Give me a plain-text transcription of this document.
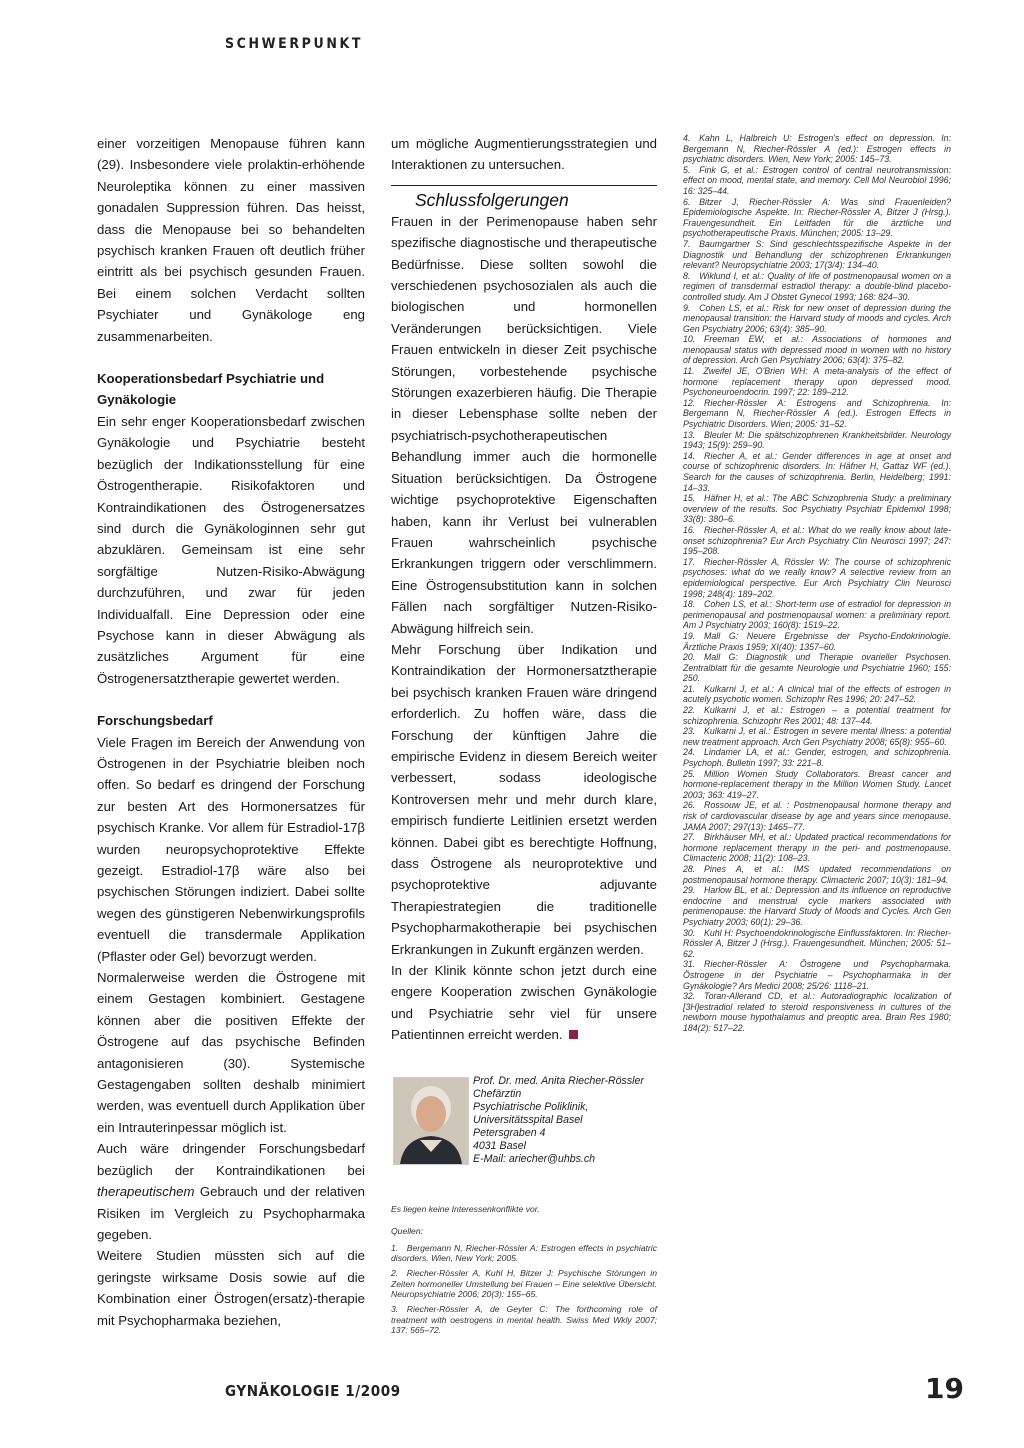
SCHWERPUNKT

einer vorzeitigen Menopause führen kann (29). Insbesondere viele prolaktin-erhöhende Neuroleptika können zu einer massiven gonadalen Suppression führen. Das heisst, dass die Menopause bei so behandelten psychisch kranken Frauen oft deutlich früher eintritt als bei psychisch gesunden Frauen. Bei einem solchen Verdacht sollten Psychiater und Gynäkologe eng zusammenarbeiten.

Kooperationsbedarf Psychiatrie und Gynäkologie

Ein sehr enger Kooperationsbedarf zwischen Gynäkologie und Psychiatrie besteht bezüglich der Indikationsstellung für eine Östrogentherapie. Risikofaktoren und Kontraindikationen des Östrogenersatzes sind durch die Gynäkologinnen sehr gut abzuklären. Gemeinsam ist eine sehr sorgfältige Nutzen-Risiko-Abwägung durchzuführen, und zwar für jeden Individualfall. Eine Depression oder eine Psychose kann in dieser Abwägung als zusätzliches Argument für eine Östrogenersatztherapie gewertet werden.

Forschungsbedarf

Viele Fragen im Bereich der Anwendung von Östrogenen in der Psychiatrie bleiben noch offen. So bedarf es dringend der Forschung zur besten Art des Hormonersatzes für psychisch Kranke. Vor allem für Estradiol-17β wurden neuropsychoprotektive Effekte gezeigt. Estradiol-17β wäre also bei psychischen Störungen indiziert. Dabei sollte wegen des günstigeren Nebenwirkungsprofils eventuell die transdermale Applikation (Pflaster oder Gel) bevorzugt werden.

Normalerweise werden die Östrogene mit einem Gestagen kombiniert. Gestagene können aber die positiven Effekte der Östrogene auf das psychische Befinden antagonisieren (30). Systemische Gestagengaben sollten deshalb minimiert werden, was eventuell durch Applikation über ein Intrauterinpessar möglich ist.

Auch wäre dringender Forschungsbedarf bezüglich der Kontraindikationen bei therapeutischem Gebrauch und der relativen Risiken im Vergleich zu Psychopharmaka gegeben.

Weitere Studien müssten sich auf die geringste wirksame Dosis sowie auf die Kombination einer Östrogen(ersatz)-therapie mit Psychopharmaka beziehen,

um mögliche Augmentierungsstrategien und Interaktionen zu untersuchen.

Schlussfolgerungen

Frauen in der Perimenopause haben sehr spezifische diagnostische und therapeutische Bedürfnisse. Diese sollten sowohl die verschiedenen psychosozialen als auch die biologischen und hormonellen Veränderungen berücksichtigen. Viele Frauen entwickeln in dieser Zeit psychische Störungen, vorbestehende psychische Störungen exazerbieren häufig. Die Therapie in dieser Lebensphase sollte neben der psychiatrisch-psychotherapeutischen Behandlung immer auch die hormonelle Situation berücksichtigen. Da Östrogene wichtige psychoprotektive Eigenschaften haben, kann ihr Verlust bei vulnerablen Frauen wahrscheinlich psychische Erkrankungen triggern oder verschlimmern. Eine Östrogensubstitution kann in solchen Fällen nach sorgfältiger Nutzen-Risiko-Abwägung hilfreich sein.

Mehr Forschung über Indikation und Kontraindikation der Hormonersatztherapie bei psychisch kranken Frauen wäre dringend erforderlich. Zu hoffen wäre, dass die Forschung der künftigen Jahre die empirische Evidenz in diesem Bereich weiter verbessert, sodass ideologische Kontroversen mehr und mehr durch klare, empirisch fundierte Leitlinien ersetzt werden können. Dabei gibt es berechtigte Hoffnung, dass Östrogene als neuroprotektive und psychoprotektive adjuvante Therapiestrategien die traditionelle Psychopharmakotherapie bei psychischen Erkrankungen in Zukunft ergänzen werden.

In der Klinik könnte schon jetzt durch eine engere Kooperation zwischen Gynäkologie und Psychiatrie sehr viel für unsere Patientinnen erreicht werden.

Prof. Dr. med. Anita Riecher-Rössler
Chefärztin
Psychiatrische Poliklinik,
Universitätsspital Basel
Petersgraben 4
4031 Basel
E-Mail: ariecher@uhbs.ch
Es liegen keine Interessenkonflikte vor.

Quellen:

1. Bergemann N, Riecher-Rössler A: Estrogen effects in psychiatric disorders. Wien, New York; 2005.

2. Riecher-Rössler A, Kuhl H, Bitzer J: Psychische Störungen in Zeiten hormoneller Umstellung bei Frauen – Eine selektive Übersicht. Neuropsychiatrie 2006; 20(3): 155–65.

3. Riecher-Rössler A, de Geyter C: The forthcoming role of treatment with oestrogens in mental health. Swiss Med Wkly 2007; 137: 565–72.

4. Kahn L, Halbreich U: Estrogen's effect on depression. In: Bergemann N, Riecher-Rössler A (ed.): Estrogen effects in psychiatric disorders. Wien, New York; 2005: 145–73.

5. Fink G, et al.: Estrogen control of central neurotransmission: effect on mood, mental state, and memory. Cell Mol Neurobiol 1996; 16: 325–44.

6. Bitzer J, Riecher-Rössler A: Was sind Frauenleiden? Epidemiologische Aspekte. In: Riecher-Rössler A, Bitzer J (Hrsg.). Frauengesundheit. Ein Leitfaden für die ärztliche und psychotherapeutische Praxis. München; 2005: 13–29.

7. Baumgartner S: Sind geschlechtsspezifische Aspekte in der Diagnostik und Behandlung der schizophrenen Erkrankungen relevant? Neuropsychiatrie 2003; 17(3/4): 134–40.

8. Wiklund I, et al.: Quality of life of postmenopausal women on a regimen of transdermal estradiol therapy: a double-blind placebo-controlled study. Am J Obstet Gynecol 1993; 168: 824–30.

9. Cohen LS, et al.: Risk for new onset of depression during the menopausal transition: the Harvard study of moods and cycles. Arch Gen Psychiatry 2006; 63(4): 385–90.

10. Freeman EW, et al.: Associations of hormones and menopausal status with depressed mood in women with no history of depression. Arch Gen Psychiatry 2006; 63(4): 375–82.

11. Zweifel JE, O'Brien WH: A meta-analysis of the effect of hormone replacement therapy upon depressed mood. Psychoneuroendocrin. 1997; 22: 189–212.

12. Riecher-Rössler A: Estrogens and Schizophrenia. In: Bergemann N, Riecher-Rössler A (ed.). Estrogen Effects in Psychiatric Disorders. Wien; 2005: 31–52.

13. Bleuler M: Die spätschizophrenen Krankheitsbilder. Neurology 1943; 15(9): 259–90.

14. Riecher A, et al.: Gender differences in age at onset and course of schizophrenic disorders. In: Häfner H, Gattaz WF (ed.). Search for the causes of schizophrenia. Berlin, Heidelberg; 1991: 14–33.

15. Häfner H, et al.: The ABC Schizophrenia Study: a preliminary overview of the results. Soc Psychiatry Psychiatr Epidemiol 1998; 33(8): 380–6.

16. Riecher-Rössler A, et al.: What do we really know about late-onset schizophrenia? Eur Arch Psychiatry Clin Neurosci 1997; 247: 195–208.

17. Riecher-Rössler A, Rössler W: The course of schizophrenic psychoses: what do we really know? A selective review from an epidemiological perspective. Eur Arch Psychiatry Clin Neurosci 1998; 248(4): 189–202.

18. Cohen LS, et al.: Short-term use of estradiol for depression in perimenopausal and postmenopausal women: a preliminary report. Am J Psychiatry 2003; 160(8): 1519–22.

19. Mall G: Neuere Ergebnisse der Psycho-Endokrinologie. Ärztliche Praxis 1959; XI(40): 1357–60.

20. Mall G: Diagnostik und Therapie ovarieller Psychosen. Zentralblatt für die gesamte Neurologie und Psychiatrie 1960; 155: 250.

21. Kulkarni J, et al.: A clinical trial of the effects of estrogen in acutely psychotic women. Schizophr Res 1996; 20: 247–52.

22. Kulkarni J, et al.: Estrogen – a potential treatment for schizophrenia. Schizophr Res 2001; 48: 137–44.

23. Kulkarni J, et al.: Estrogen in severe mental illness: a potential new treatment approach. Arch Gen Psychiatry 2008; 65(8): 955–60.

24. Lindamer LA, et al.: Gender, estrogen, and schizophrenia. Psychoph. Bulletin 1997; 33: 221–8.

25. Million Women Study Collaborators. Breast cancer and hormone-replacement therapy in the Million Women Study. Lancet 2003; 363: 419–27.

26. Rossouw JE, et al. : Postmenopausal hormone therapy and risk of cardiovascular disease by age and years since menopause. JAMA 2007; 297(13): 1465–77.

27. Birkhäuser MH, et al.: Updated practical recommendations for hormone replacement therapy in the peri- and postmenopause. Climacteric 2008; 11(2): 108–23.

28. Pines A, et al.: IMS updated recommendations on postmenopausal hormone therapy. Climacteric 2007; 10(3): 181–94.

29. Harlow BL, et al.: Depression and its influence on reproductive endocrine and menstrual cycle markers associated with perimenopause: the Harvard Study of Moods and Cycles. Arch Gen Psychiatry 2003; 60(1): 29–36.

30. Kuhl H: Psychoendokrinologische Einflussfaktoren. In: Riecher-Rössler A, Bitzer J (Hrsg.). Frauengesundheit. München; 2005: 51–62.

31. Riecher-Rössler A: Östrogene und Psychopharmaka. Östrogene in der Psychiatrie – Psychopharmaka in der Gynäkologie? Ars Medici 2008; 25/26: 1118–21.

32. Toran-Allerand CD, et al.: Autoradiographic localization of [3H]estradiol related to steroid responsiveness in cultures of the newborn mouse hypothalamus and preoptic area. Brain Res 1980; 184(2): 517–22.

GYNÄKOLOGIE 1/2009	19
